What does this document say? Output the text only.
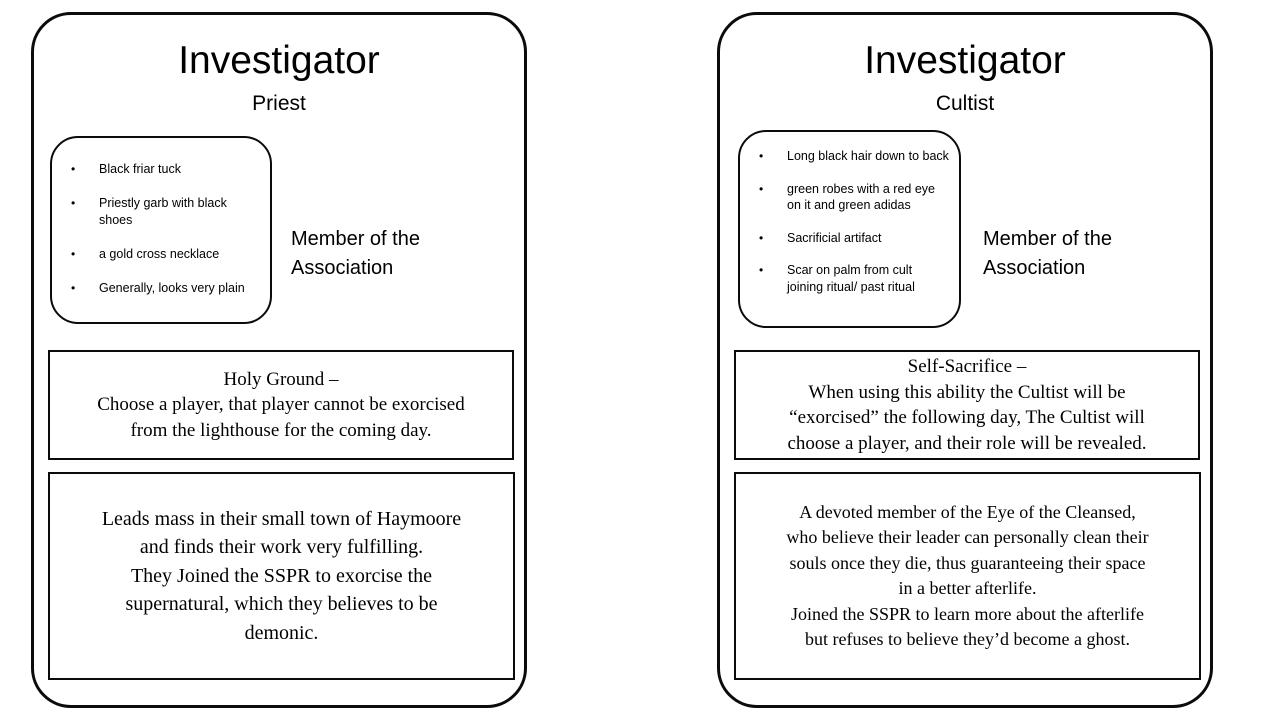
Investigator
Priest
• Black friar tuck
• Priestly garb with black shoes
• a gold cross necklace
• Generally, looks very plain
Member of the Association
Holy Ground –
Choose a player, that player cannot be exorcised
from the lighthouse for the coming day.
Leads mass in their small town of Haymoore
and finds their work very fulfilling.
They Joined the SSPR to exorcise the
supernatural, which they believes to be
demonic.
Investigator
Cultist
• Long black hair down to back
• green robes with a red eye on it and green adidas
• Sacrificial artifact
• Scar on palm from cult joining ritual/ past ritual
Member of the Association
Self-Sacrifice –
When using this ability the Cultist will be
“exorcised” the following day, The Cultist will
choose a player, and their role will be revealed.
A devoted member of the Eye of the Cleansed,
who believe their leader can personally clean their
souls once they die, thus guaranteeing their space
in a better afterlife.
Joined the SSPR to learn more about the afterlife
but refuses to believe they’d become a ghost.
